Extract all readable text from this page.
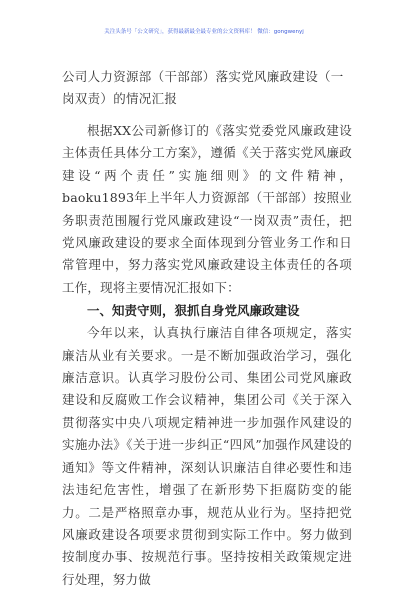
关注头条号「公文研究」，获得最新最全最专业的公文资料库！ 微信：gongwenyj
公司人力资源部（干部部）落实党风廉政建设（一岗双责）的情况汇报

根据XX公司新修订的《落实党委党风廉政建设主体责任具体分工方案》，遵循《关于落实党风廉政建设“两个责任”实施细则》的文件精神，baoku1893年上半年人力资源部（干部部）按照业务职责范围履行党风廉政建设“一岗双责”责任，把党风廉政建设的要求全面体现到分管业务工作和日常管理中，努力落实党风廉政建设主体责任的各项工作，现将主要情况汇报如下：

一、知责守则，狠抓自身党风廉政建设

今年以来，认真执行廉洁自律各项规定，落实廉洁从业有关要求。一是不断加强政治学习，强化廉洁意识。认真学习股份公司、集团公司党风廉政建设和反腐败工作会议精神，集团公司《关于深入贯彻落实中央八项规定精神进一步加强作风建设的实施办法》《关于进一步纠正“四风”加强作风建设的通知》等文件精神，深刻认识廉洁自律必要性和违法违纪危害性，增强了在新形势下拒腐防变的能力。二是严格照章办事，规范从业行为。坚持把党风廉政建设各项要求贯彻到实际工作中。努力做到按制度办事、按规范行事。坚持按相关政策规定进行处理，努力做
